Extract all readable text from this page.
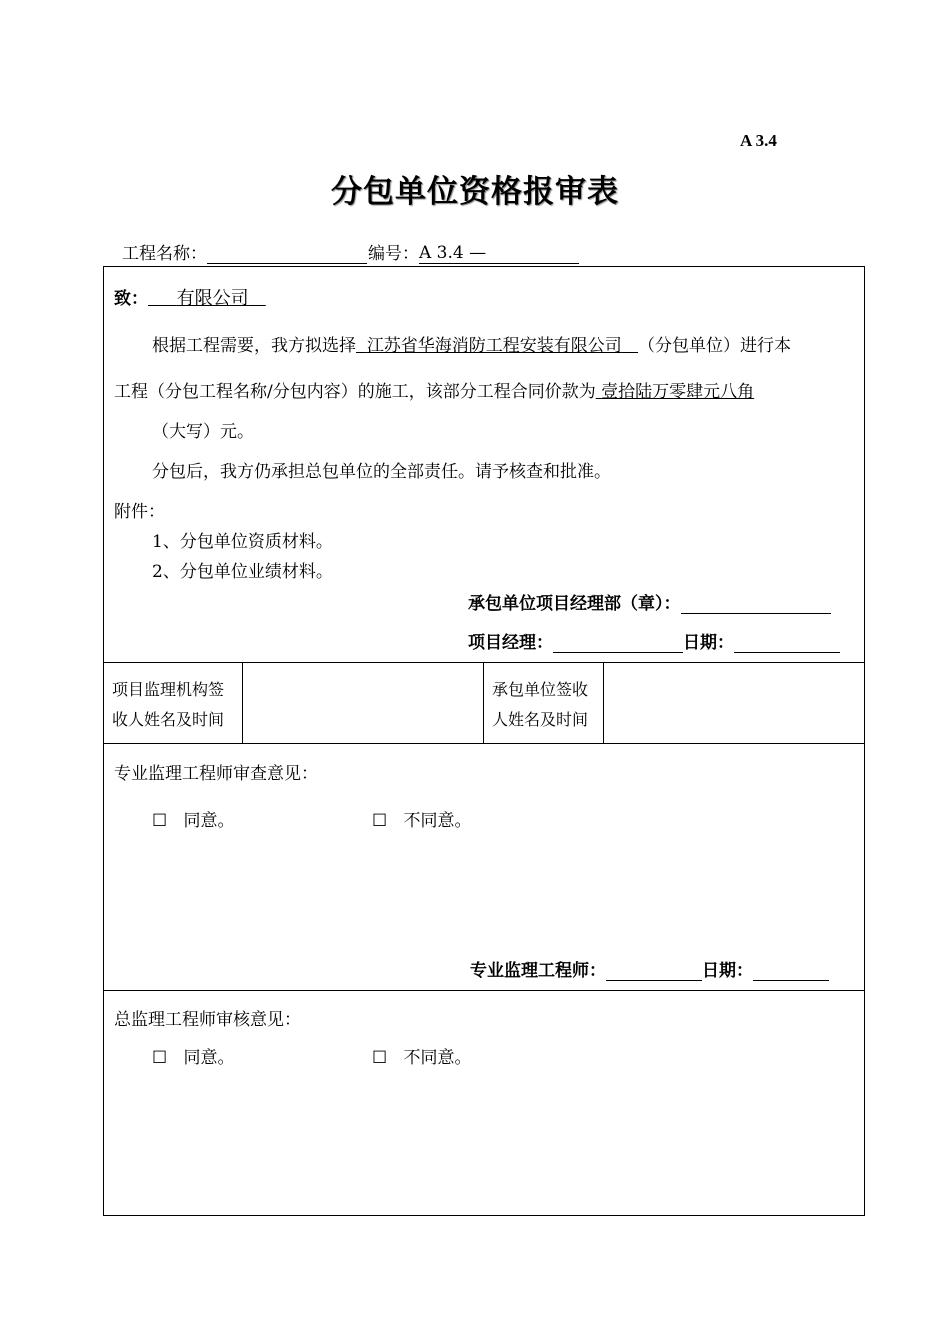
A 3.4
分包单位资格报审表
工程名称：	编号：A 3.4 —
致： 有限公司
根据工程需要，我方拟选择 江苏省华海消防工程安装有限公司 （分包单位）进行本
工程（分包工程名称/分包内容）的施工，该部分工程合同价款为 壹拾陆万零肆元八角
（大写）元。
分包后，我方仍承担总包单位的全部责任。请予核查和批准。
附件：
1、分包单位资质材料。
2、分包单位业绩材料。
承包单位项目经理部（章）：
项目经理：	日期：

项目监理机构签
收人姓名及时间

承包单位签收
人姓名及时间

专业监理工程师审查意见：
☐ 同意。	☐ 不同意。
专业监理工程师：	日期：

总监理工程师审核意见：
☐ 同意。	☐ 不同意。
